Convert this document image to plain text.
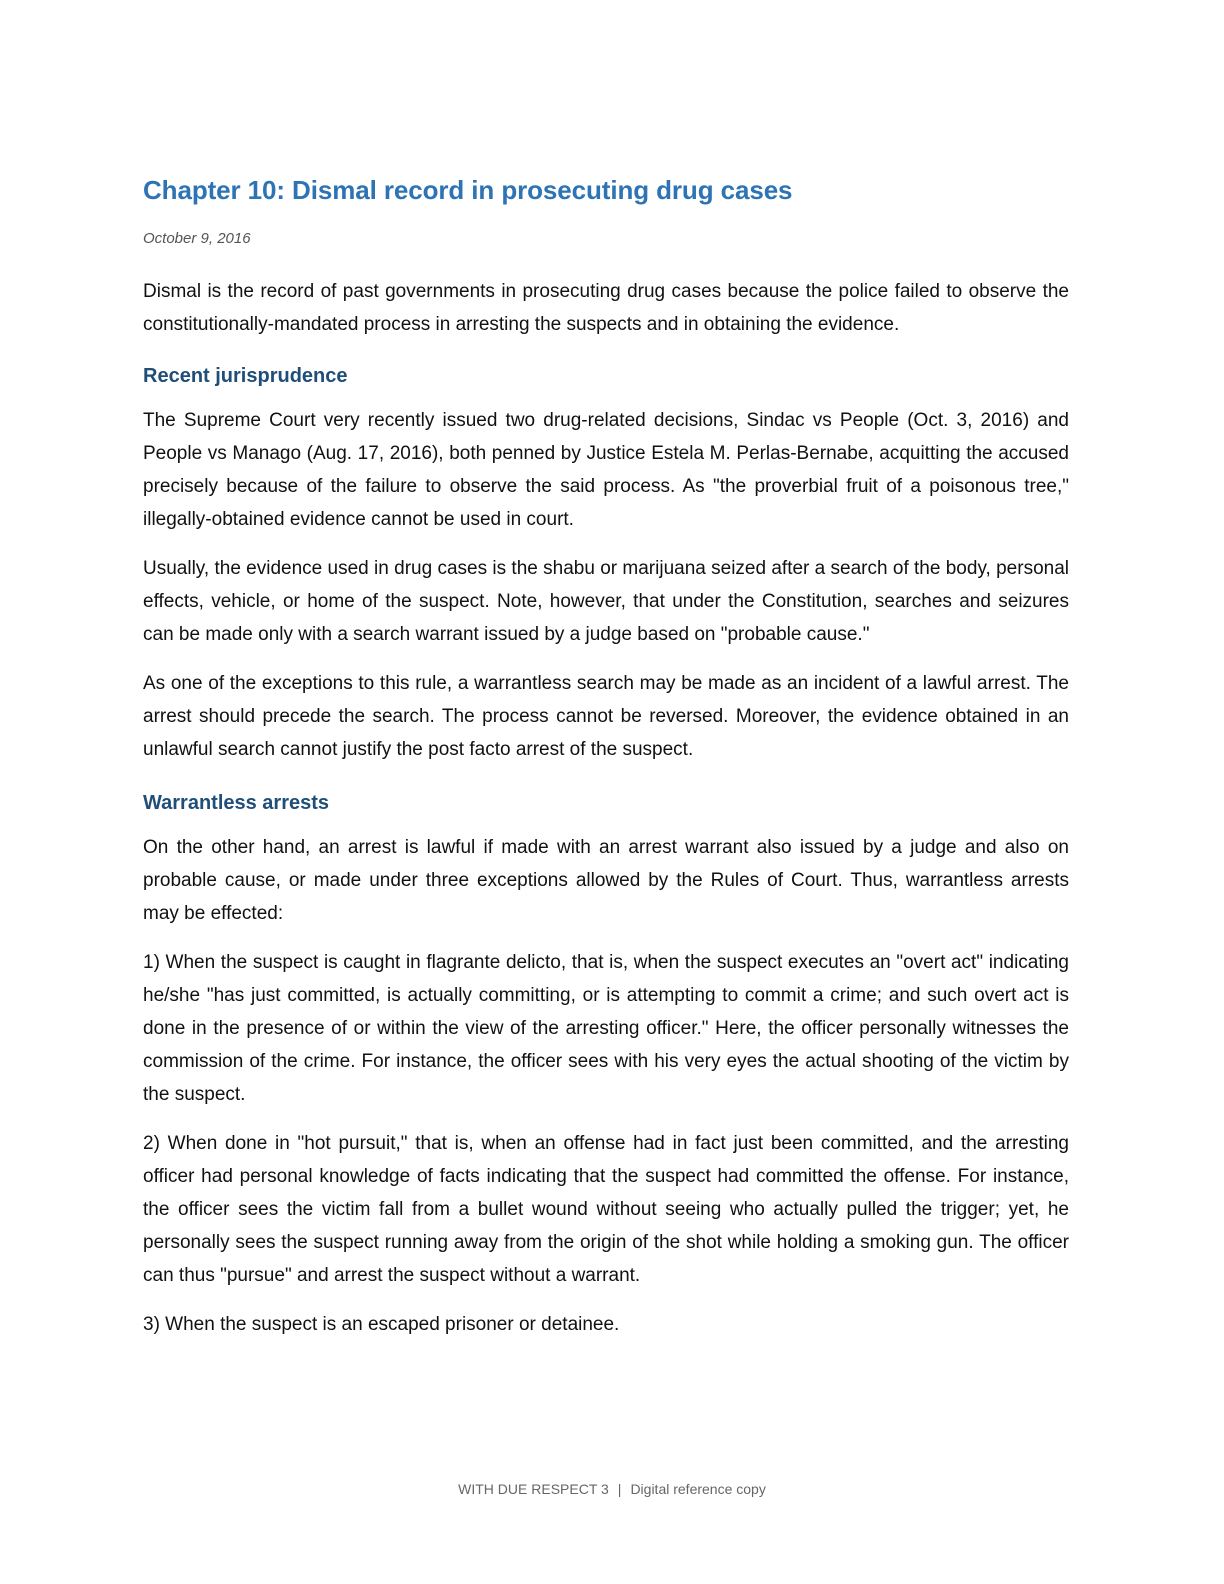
Chapter 10: Dismal record in prosecuting drug cases
October 9, 2016

Dismal is the record of past governments in prosecuting drug cases because the police failed to observe the constitutionally-mandated process in arresting the suspects and in obtaining the evidence.

Recent jurisprudence

The Supreme Court very recently issued two drug-related decisions, Sindac vs People (Oct. 3, 2016) and People vs Manago (Aug. 17, 2016), both penned by Justice Estela M. Perlas-Bernabe, acquitting the accused precisely because of the failure to observe the said process. As "the proverbial fruit of a poisonous tree," illegally-obtained evidence cannot be used in court.

Usually, the evidence used in drug cases is the shabu or marijuana seized after a search of the body, personal effects, vehicle, or home of the suspect. Note, however, that under the Constitution, searches and seizures can be made only with a search warrant issued by a judge based on "probable cause."

As one of the exceptions to this rule, a warrantless search may be made as an incident of a lawful arrest. The arrest should precede the search. The process cannot be reversed. Moreover, the evidence obtained in an unlawful search cannot justify the post facto arrest of the suspect.

Warrantless arrests

On the other hand, an arrest is lawful if made with an arrest warrant also issued by a judge and also on probable cause, or made under three exceptions allowed by the Rules of Court. Thus, warrantless arrests may be effected:

1) When the suspect is caught in flagrante delicto, that is, when the suspect executes an "overt act" indicating he/she "has just committed, is actually committing, or is attempting to commit a crime; and such overt act is done in the presence of or within the view of the arresting officer." Here, the officer personally witnesses the commission of the crime. For instance, the officer sees with his very eyes the actual shooting of the victim by the suspect.

2) When done in "hot pursuit," that is, when an offense had in fact just been committed, and the arresting officer had personal knowledge of facts indicating that the suspect had committed the offense. For instance, the officer sees the victim fall from a bullet wound without seeing who actually pulled the trigger; yet, he personally sees the suspect running away from the origin of the shot while holding a smoking gun. The officer can thus "pursue" and arrest the suspect without a warrant.

3) When the suspect is an escaped prisoner or detainee.

WITH DUE RESPECT 3 | Digital reference copy
